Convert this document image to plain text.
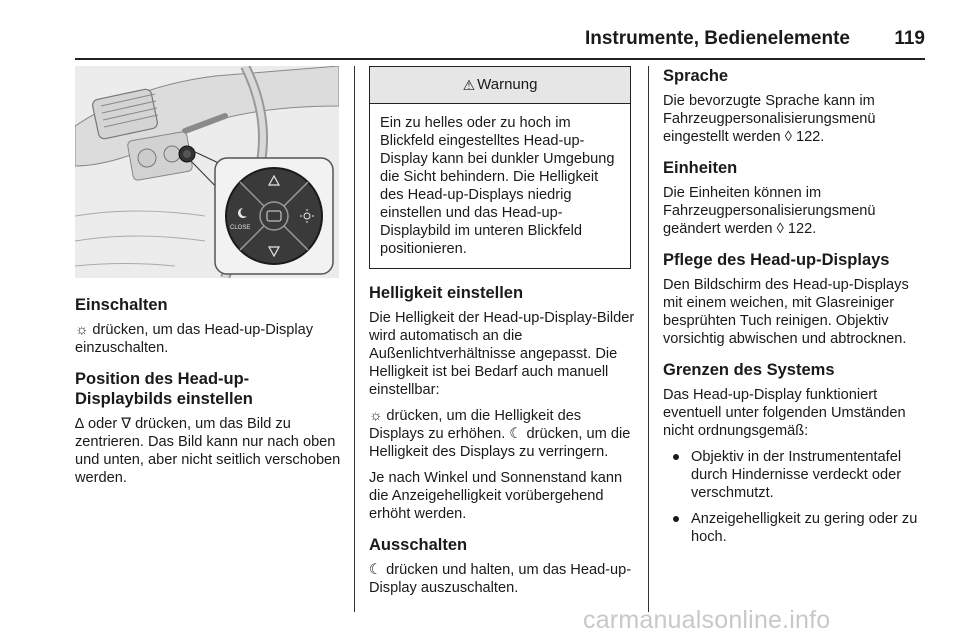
Instrumente, Bedienelemente 119
CLOSE
Einschalten

☼ drücken, um das Head-up-Display einzuschalten.

Position des Head-up-Displaybilds einstellen

∆ oder ∇ drücken, um das Bild zu zentrieren. Das Bild kann nur nach oben und unten, aber nicht seitlich verschoben werden.

⚠ Warnung
Ein zu helles oder zu hoch im Blickfeld eingestelltes Head-up-Display kann bei dunkler Umgebung die Sicht behindern. Die Helligkeit des Head-up-Displays niedrig einstellen und das Head-up-Displaybild im unteren Blickfeld positionieren.
Helligkeit einstellen

Die Helligkeit der Head-up-Display-Bilder wird automatisch an die Außenlichtverhältnisse angepasst. Die Helligkeit ist bei Bedarf auch manuell einstellbar:

☼ drücken, um die Helligkeit des Displays zu erhöhen. ☾ drücken, um die Helligkeit des Displays zu verringern.

Je nach Winkel und Sonnenstand kann die Anzeigehelligkeit vorübergehend erhöht werden.

Ausschalten

☾ drücken und halten, um das Head-up-Display auszuschalten.

Sprache

Die bevorzugte Sprache kann im Fahrzeugpersonalisierungsmenü eingestellt werden ◊ 122.

Einheiten

Die Einheiten können im Fahrzeugpersonalisierungsmenü geändert werden ◊ 122.

Pflege des Head-up-Displays

Den Bildschirm des Head-up-Displays mit einem weichen, mit Glasreiniger besprühten Tuch reinigen. Objektiv vorsichtig abwischen und abtrocknen.

Grenzen des Systems

Das Head-up-Display funktioniert eventuell unter folgenden Umständen nicht ordnungsgemäß:

Objektiv in der Instrumententafel durch Hindernisse verdeckt oder verschmutzt.
Anzeigehelligkeit zu gering oder zu hoch.
carmanualsonline.info
